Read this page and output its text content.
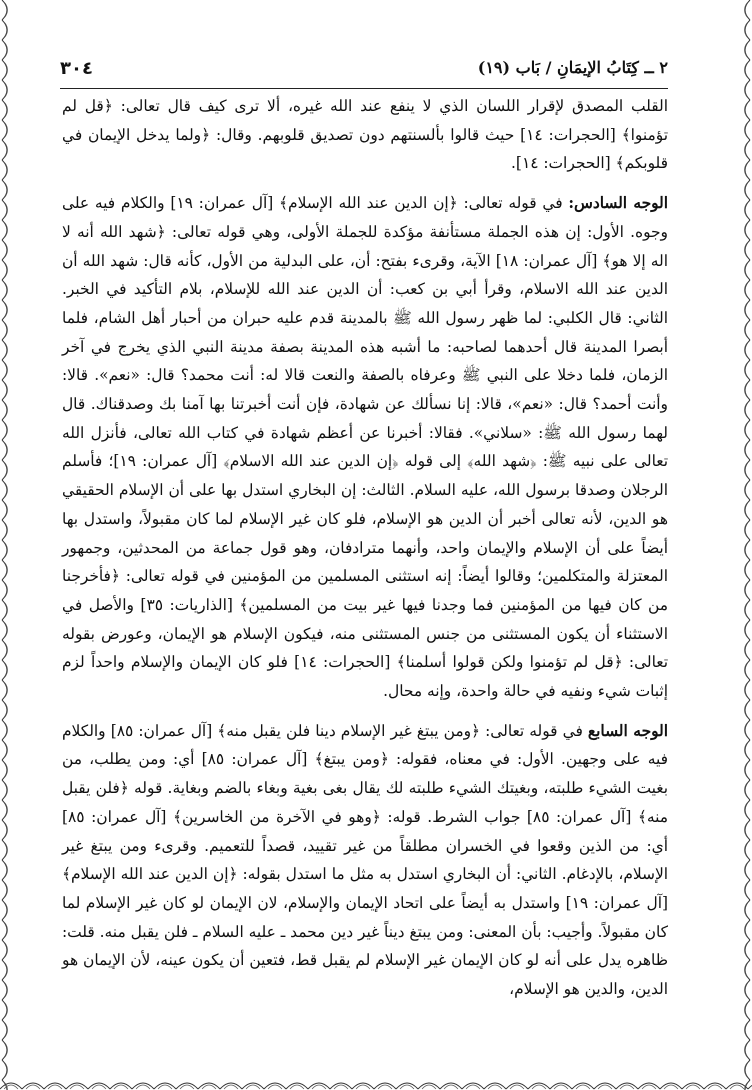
٣٠٤	٢ ــ كِتَابُ الإيمَانِ / بَاب (١٩)

القلب المصدق لإقرار اللسان الذي لا ينفع عند الله غيره، ألا ترى كيف قال تعالى: ﴿قل لم تؤمنوا﴾ [الحجرات: ١٤] حيث قالوا بألسنتهم دون تصديق قلوبهم. وقال: ﴿ولما يدخل الإيمان في قلوبكم﴾ [الحجرات: ١٤].

الوجه السادس: في قوله تعالى: ﴿إن الدين عند الله الإسلام﴾ [آل عمران: ١٩] والكلام فيه على وجوه. الأول: إن هذه الجملة مستأنفة مؤكدة للجملة الأولى، وهي قوله تعالى: ﴿شهد الله أنه لا اله إلا هو﴾ [آل عمران: ١٨] الآية، وقرىء بفتح: أن، على البدلية من الأول، كأنه قال: شهد الله أن الدين عند الله الاسلام، وقرأ أبي بن كعب: أن الدين عند الله للإسلام، بلام التأكيد في الخبر. الثاني: قال الكلبي: لما ظهر رسول الله ﷺ بالمدينة قدم عليه حبران من أحبار أهل الشام، فلما أبصرا المدينة قال أحدهما لصاحبه: ما أشبه هذه المدينة بصفة مدينة النبي الذي يخرج في آخر الزمان، فلما دخلا على النبي ﷺ وعرفاه بالصفة والنعت قالا له: أنت محمد؟ قال: «نعم». قالا: وأنت أحمد؟ قال: «نعم»، قالا: إنا نسألك عن شهادة، فإن أنت أخبرتنا بها آمنا بك وصدقناك. قال لهما رسول الله ﷺ: «سلاني». فقالا: أخبرنا عن أعظم شهادة في كتاب الله تعالى، فأنزل الله تعالى على نبيه ﷺ: ﴿شهد الله﴾ إلى قوله ﴿إن الدين عند الله الاسلام﴾ [آل عمران: ١٩]؛ فأسلم الرجلان وصدقا برسول الله، عليه السلام. الثالث: إن البخاري استدل بها على أن الإسلام الحقيقي هو الدين، لأنه تعالى أخبر أن الدين هو الإسلام، فلو كان غير الإسلام لما كان مقبولاً، واستدل بها أيضاً على أن الإسلام والإيمان واحد، وأنهما مترادفان، وهو قول جماعة من المحدثين، وجمهور المعتزلة والمتكلمين؛ وقالوا أيضاً: إنه استثنى المسلمين من المؤمنين في قوله تعالى: ﴿فأخرجنا من كان فيها من المؤمنين فما وجدنا فيها غير بيت من المسلمين﴾ [الذاريات: ٣٥] والأصل في الاستثناء أن يكون المستثنى من جنس المستثنى منه، فيكون الإسلام هو الإيمان، وعورض بقوله تعالى: ﴿قل لم تؤمنوا ولكن قولوا أسلمنا﴾ [الحجرات: ١٤] فلو كان الإيمان والإسلام واحداً لزم إثبات شيء ونفيه في حالة واحدة، وإنه محال.

الوجه السابع في قوله تعالى: ﴿ومن يبتغ غير الإسلام دينا فلن يقبل منه﴾ [آل عمران: ٨٥] والكلام فيه على وجهين. الأول: في معناه، فقوله: ﴿ومن يبتغ﴾ [آل عمران: ٨٥] أي: ومن يطلب، من بغيت الشيء طلبته، وبغيتك الشيء طلبته لك يقال بغى بغية وبغاء بالضم وبغاية. قوله ﴿فلن يقبل منه﴾ [آل عمران: ٨٥] جواب الشرط. قوله: ﴿وهو في الآخرة من الخاسرين﴾ [آل عمران: ٨٥] أي: من الذين وقعوا في الخسران مطلقاً من غير تقييد، قصداً للتعميم. وقرىء ومن يبتغ غير الإسلام، بالإدغام. الثاني: أن البخاري استدل به مثل ما استدل بقوله: ﴿إن الدين عند الله الإسلام﴾ [آل عمران: ١٩] واستدل به أيضاً على اتحاد الإيمان والإسلام، لان الإيمان لو كان غير الإسلام لما كان مقبولاً. وأجيب: بأن المعنى: ومن يبتغ ديناً غير دين محمد ـ عليه السلام ـ فلن يقبل منه. قلت: ظاهره يدل على أنه لو كان الإيمان غير الإسلام لم يقبل قط، فتعين أن يكون عينه، لأن الإيمان هو الدين، والدين هو الإسلام،
